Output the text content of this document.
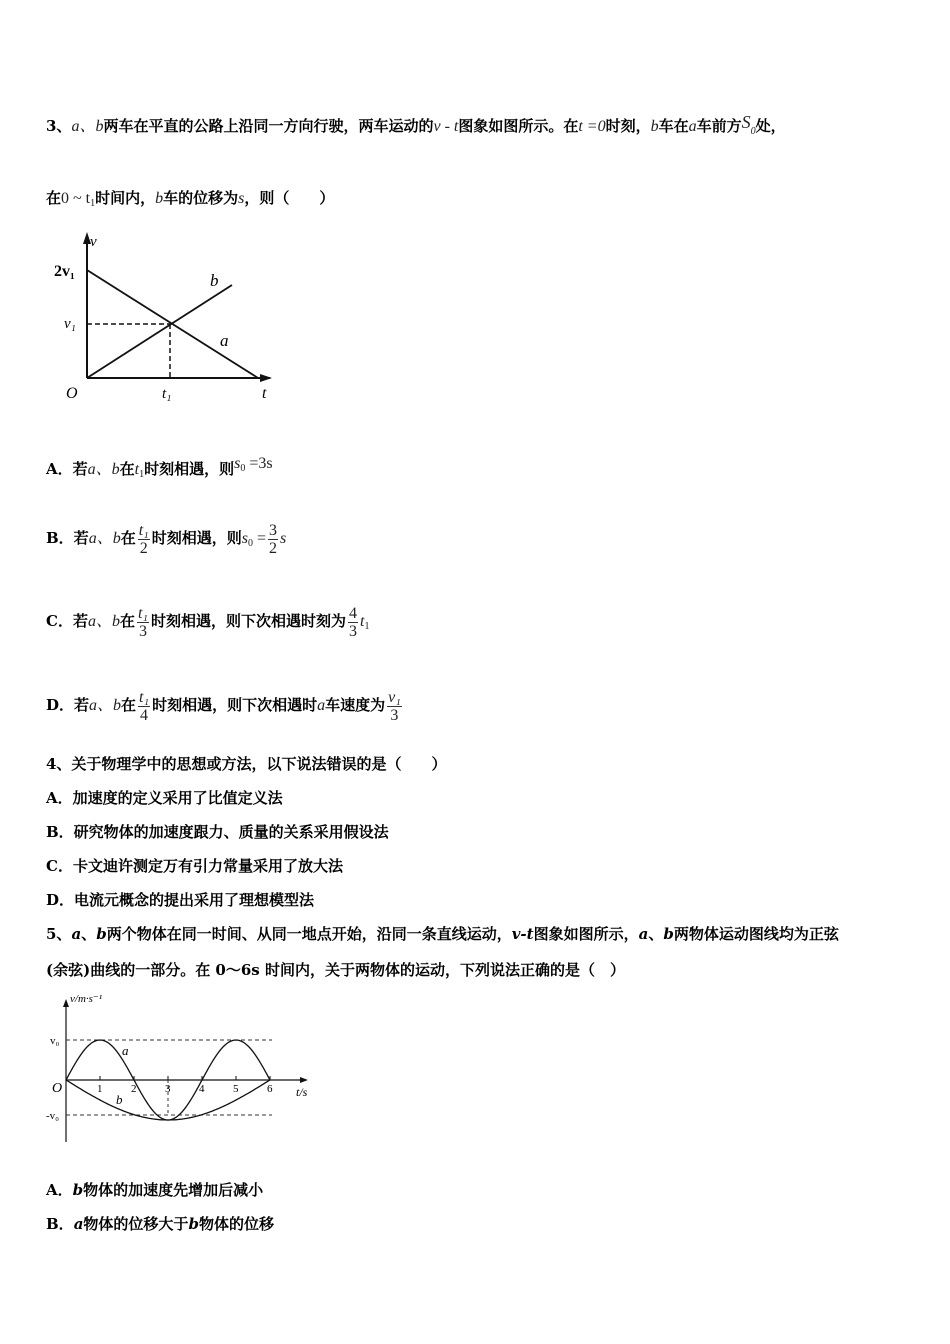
3、a、b两车在平直的公路上沿同一方向行驶，两车运动的v - t图象如图所示。在t =0时刻，b车在a车前方$S_0$处，
在0 ~ $t_1$时间内，b车的位移为s，则（　　）
v
t
O
2v₁
v₁
t₁
b
a
A．若a、b在$t_1$时刻相遇，则$s^0 =3s$
B．若a、b在 $\frac{\text{t₁}}{2}$ 时刻相遇，则$s_0 = \frac{3}{2}$ s
C．若a、b在 $\frac{\text{t₁}}{3}$ 时刻相遇，则下次相遇时刻为 $\frac{4}{3} t_1$
D．若a、b在 $\frac{\text{t₁}}{4}$ 时刻相遇，则下次相遇时a车速度为 $\frac{\text{v₁}}{3}$
4、关于物理学中的思想或方法，以下说法错误的是（　　）
A．加速度的定义采用了比值定义法
B．研究物体的加速度跟力、质量的关系采用假设法
C．卡文迪许测定万有引力常量采用了放大法
D．电流元概念的提出采用了理想模型法
5、a、b两个物体在同一时间、从同一地点开始，沿同一条直线运动，v-t图象如图所示，a、b两物体运动图线均为正弦
(余弦)曲线的一部分。在 0～6s 时间内，关于两物体的运动，下列说法正确的是（　）
1	2	3	4	5	6
v/m·s⁻¹
t/s
O
v₀
-v₀
a
b
A．b物体的加速度先增加后减小
B．a物体的位移大于b物体的位移
